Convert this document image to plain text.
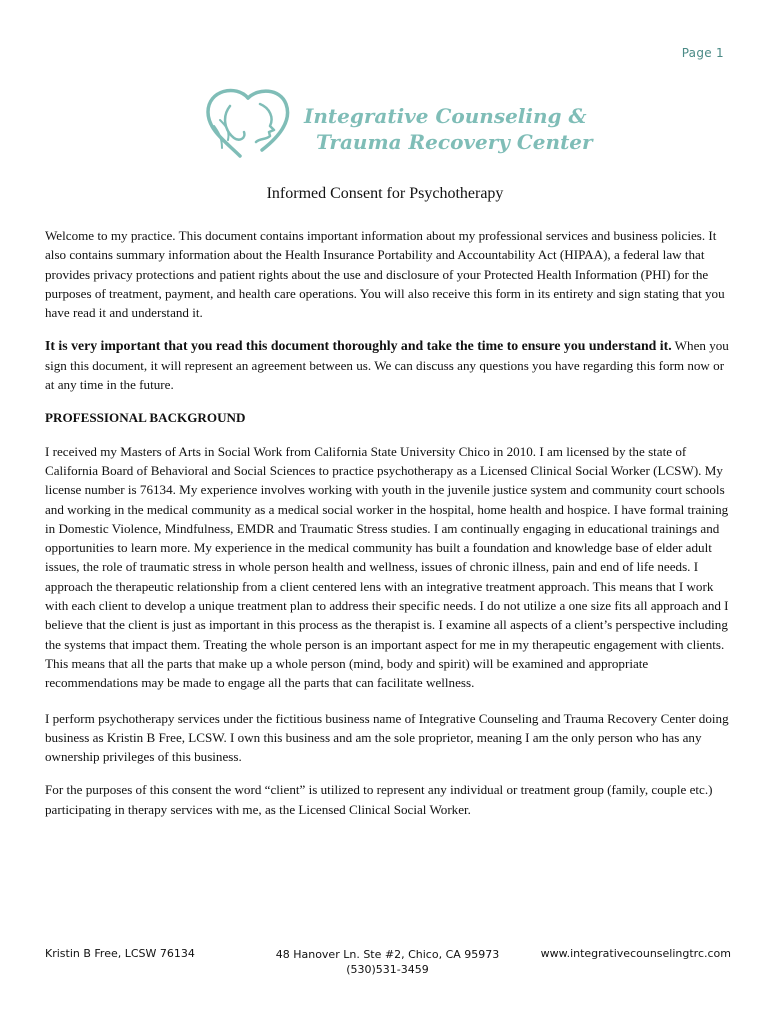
Page 1
Integrative Counseling &
Trauma Recovery Center
Informed Consent for Psychotherapy

Welcome to my practice. This document contains important information about my professional services and business policies. It also contains summary information about the Health Insurance Portability and Accountability Act (HIPAA), a federal law that provides privacy protections and patient rights about the use and disclosure of your Protected Health Information (PHI) for the purposes of treatment, payment, and health care operations. You will also receive this form in its entirety and sign stating that you have read it and understand it.

It is very important that you read this document thoroughly and take the time to ensure you understand it. When you sign this document, it will represent an agreement between us. We can discuss any questions you have regarding this form now or at any time in the future.

PROFESSIONAL BACKGROUND

I received my Masters of Arts in Social Work from California State University Chico in 2010. I am licensed by the state of California Board of Behavioral and Social Sciences to practice psychotherapy as a Licensed Clinical Social Worker (LCSW). My license number is 76134. My experience involves working with youth in the juvenile justice system and community court schools and working in the medical community as a medical social worker in the hospital, home health and hospice. I have formal training in Domestic Violence, Mindfulness, EMDR and Traumatic Stress studies. I am continually engaging in educational trainings and opportunities to learn more. My experience in the medical community has built a foundation and knowledge base of elder adult issues, the role of traumatic stress in whole person health and wellness, issues of chronic illness, pain and end of life needs. I approach the therapeutic relationship from a client centered lens with an integrative treatment approach. This means that I work with each client to develop a unique treatment plan to address their specific needs. I do not utilize a one size fits all approach and I believe that the client is just as important in this process as the therapist is. I examine all aspects of a client’s perspective including the systems that impact them. Treating the whole person is an important aspect for me in my therapeutic engagement with clients. This means that all the parts that make up a whole person (mind, body and spirit) will be examined and appropriate recommendations may be made to engage all the parts that can facilitate wellness.

I perform psychotherapy services under the fictitious business name of Integrative Counseling and Trauma Recovery Center doing business as Kristin B Free, LCSW. I own this business and am the sole proprietor, meaning I am the only person who has any ownership privileges of this business.

For the purposes of this consent the word “client” is utilized to represent any individual or treatment group (family, couple etc.) participating in therapy services with me, as the Licensed Clinical Social Worker.

Kristin B Free, LCSW 76134	48 Hanover Ln. Ste #2, Chico, CA 95973
(530)531-3459
www.integrativecounselingtrc.com
